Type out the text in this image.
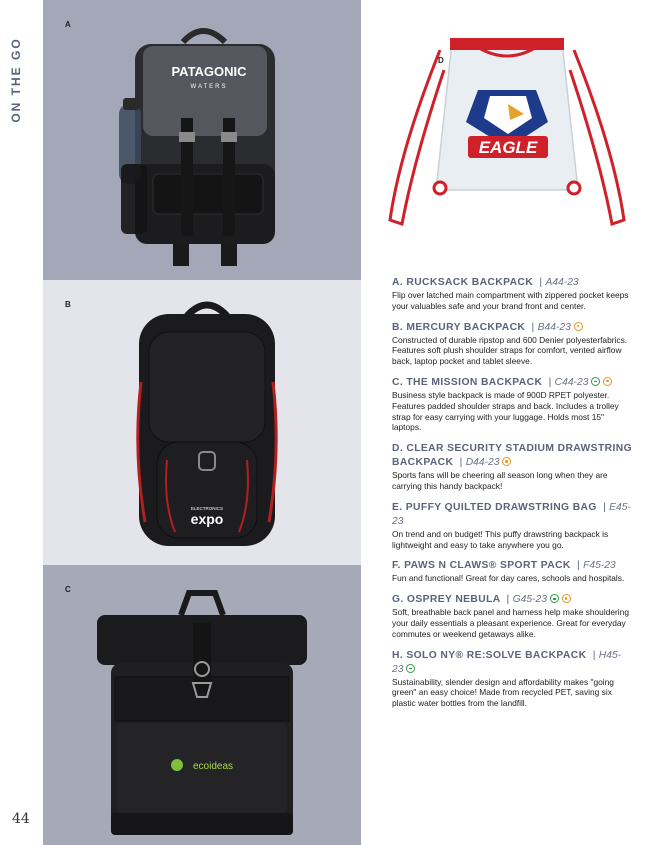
ON THE GO
44
A
PATAGONIC
WATERS
B
ELECTRONICS
expo
C
ecoideas
D
EAGLE
A. RUCKSACK BACKPACK | A44-23
Flip over latched main compartment with zippered pocket keeps your valuables safe and your brand front and center.
B. MERCURY BACKPACK | B44-23
Constructed of durable ripstop and 600 Denier polyesterfabrics. Features soft plush shoulder straps for comfort, vented airflow back, laptop pocket and tablet sleeve.
C. THE MISSION BACKPACK | C44-23
Business style backpack is made of 900D RPET polyester. Features padded shoulder straps and back. Includes a trolley strap for easy carrying with your luggage. Holds most 15" laptops.
D. CLEAR SECURITY STADIUM DRAWSTRING BACKPACK | D44-23
Sports fans will be cheering all season long when they are carrying this handy backpack!
E. PUFFY QUILTED DRAWSTRING BAG | E45-23
On trend and on budget! This puffy drawstring backpack is lightweight and easy to take anywhere you go.
F. PAWS N CLAWS® SPORT PACK | F45-23
Fun and functional! Great for day cares, schools and hospitals.
G. OSPREY NEBULA | G45-23
Soft, breathable back panel and harness help make shouldering your daily essentials a pleasant experience. Great for everyday commutes or weekend getaways alike.
H. SOLO NY® RE:SOLVE BACKPACK | H45-23
Sustainability, slender design and affordability makes "going green" an easy choice! Made from recycled PET, saving six plastic water bottles from the landfill.
